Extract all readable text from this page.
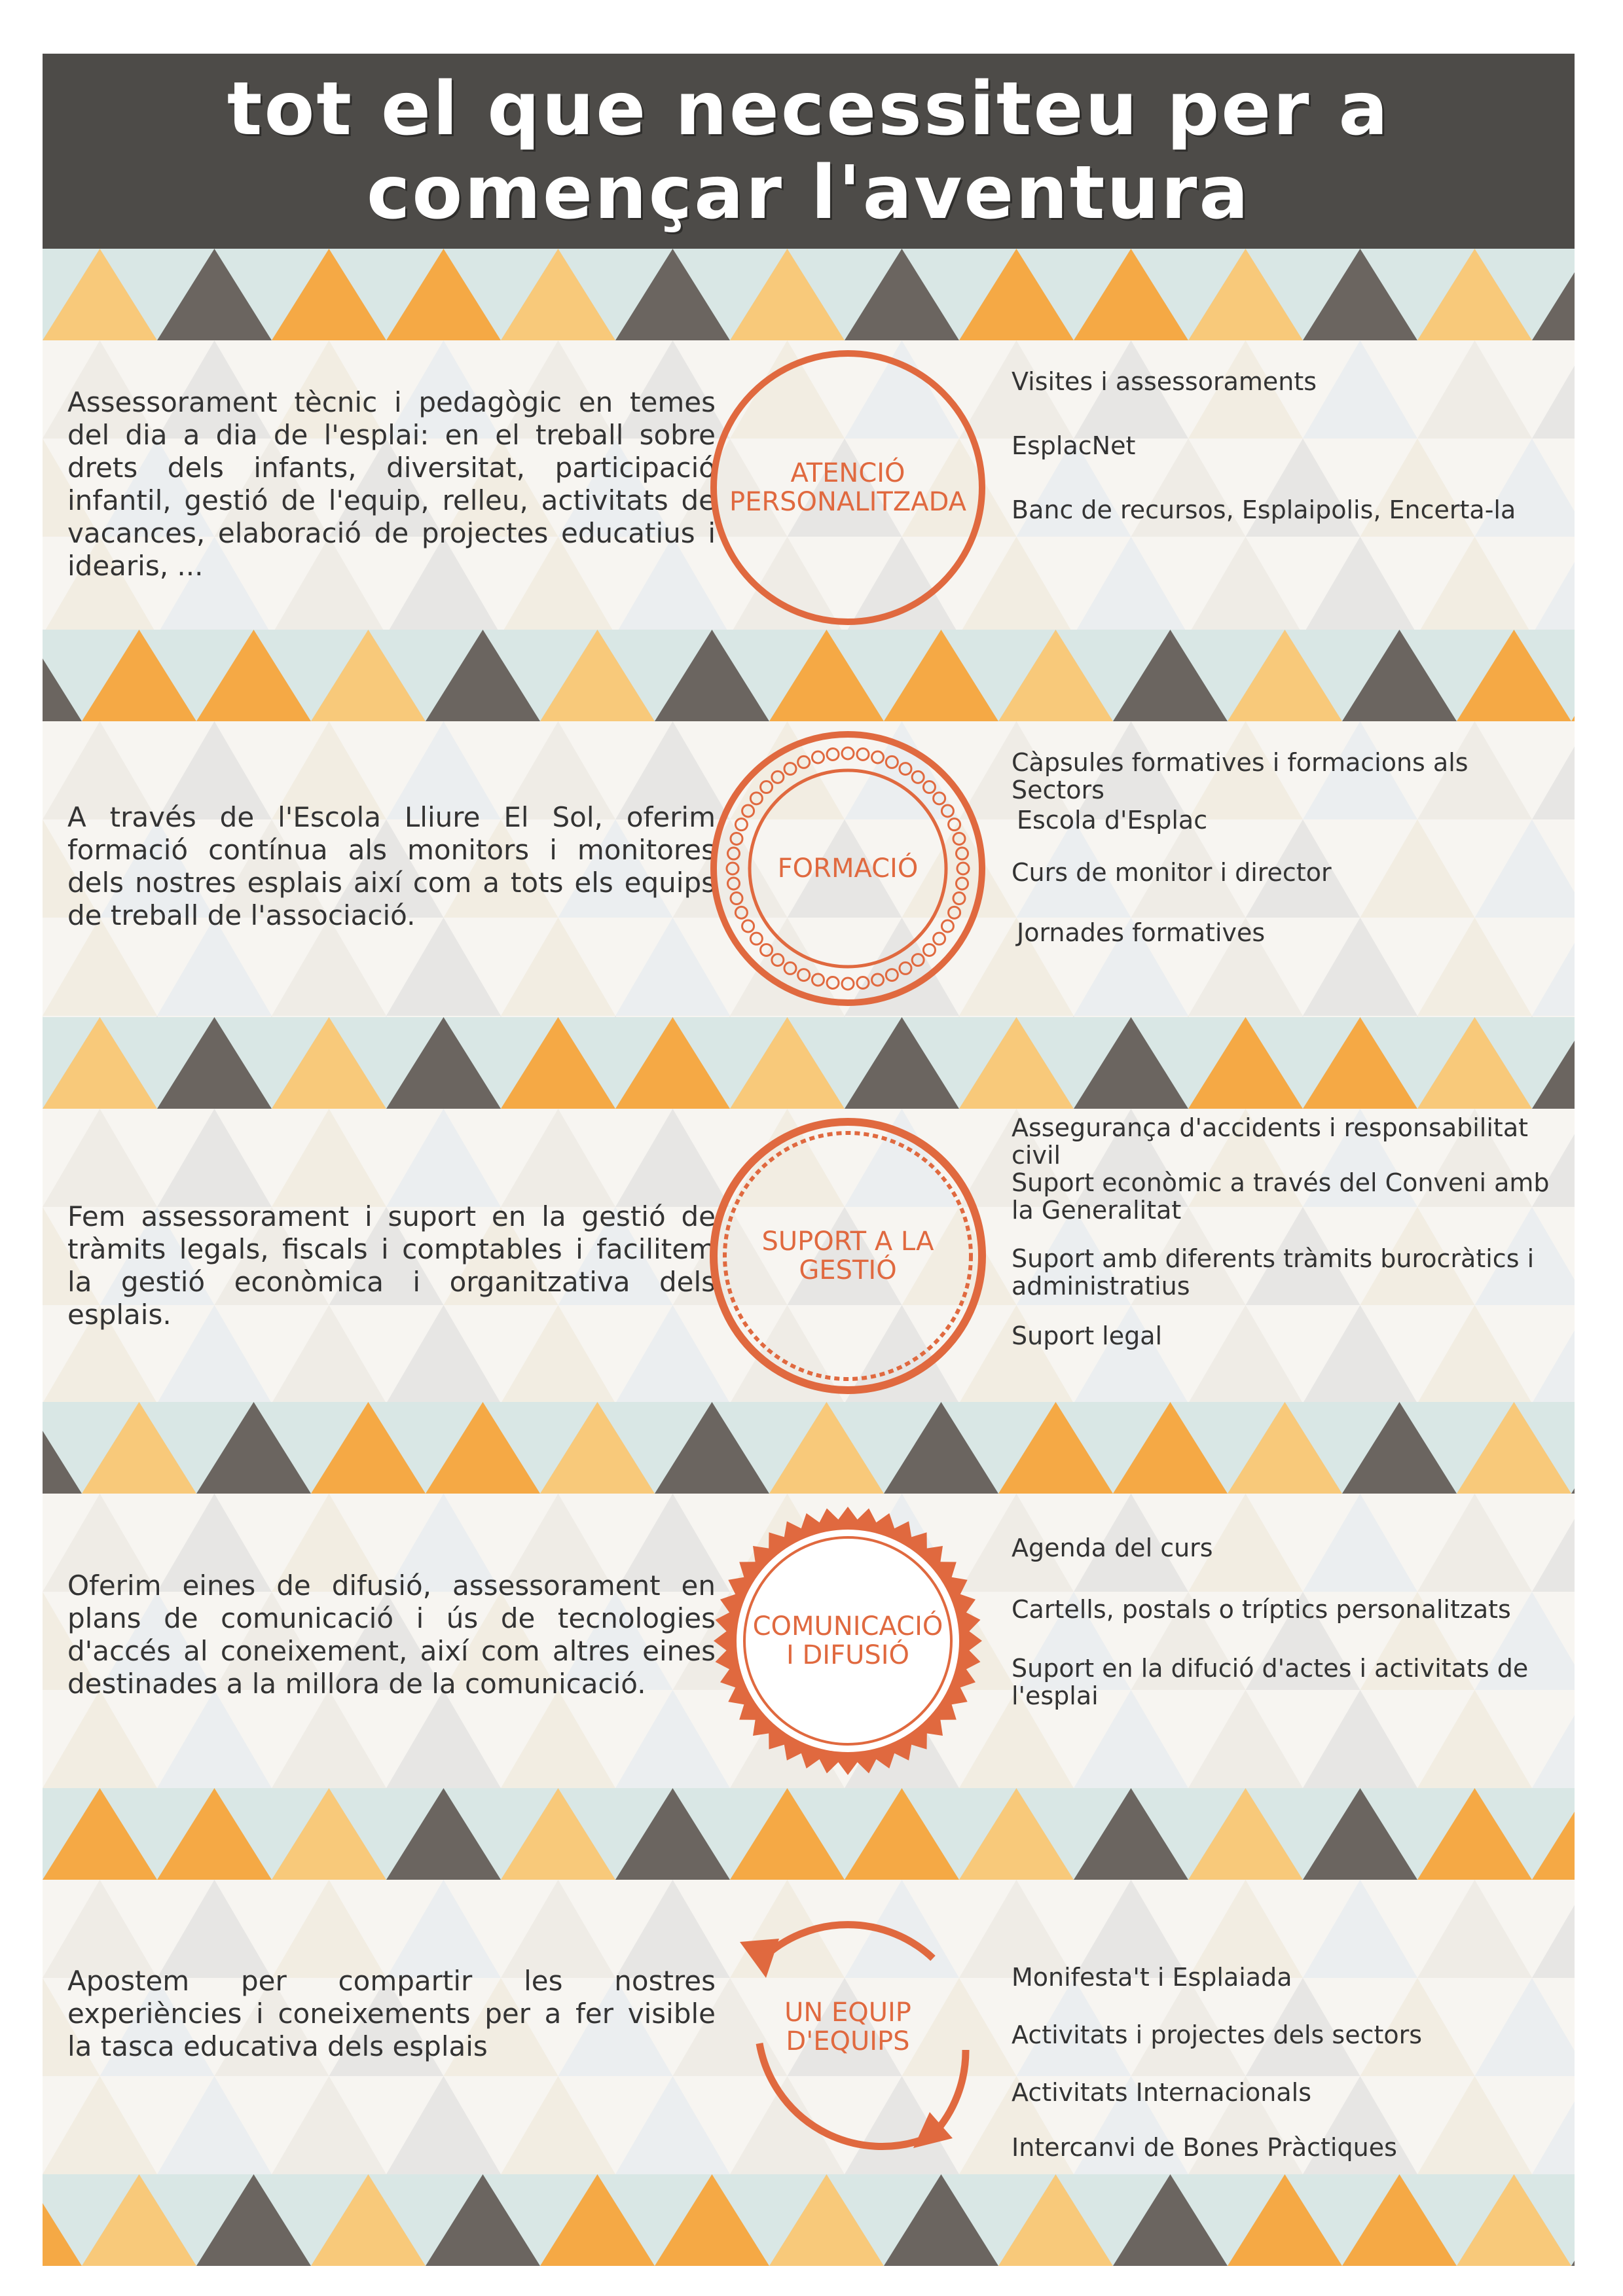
tot el que necessiteu per a
començar l'aventura

Assessorament tècnic i pedagògic en temes del dia a dia de l'esplai: en el treball sobre drets dels infants, diversitat, participació infantil, gestió de l'equip, relleu, activitats de vacances, elaboració de projectes educatius i idearis, ...

ATENCIÓ
PERSONALITZADA
Visites i assessoraments
EsplacNet
Banc de recursos, Esplaipolis, Encerta-la

A través de l'Escola Lliure El Sol, oferim formació contínua als monitors i monitores dels nostres esplais així com a tots els equips de treball de l'associació.

FORMACIÓ
Càpsules formatives i formacions als Sectors
Escola d'Esplac
Curs de monitor i director
Jornades formatives

Fem assessorament i suport en la gestió de tràmits legals, fiscals i comptables i facilitem la gestió econòmica i organitzativa dels esplais.

SUPORT A LA
GESTIÓ
Assegurança d'accidents i responsabilitat civil
Suport econòmic a través del Conveni amb la Generalitat
Suport amb diferents tràmits burocràtics i administratius
Suport legal

Oferim eines de difusió, assessorament en plans de comunicació i ús de tecnologies d'accés al coneixement, així com altres eines destinades a la millora de la comunicació.

COMUNICACIÓ
I DIFUSIÓ
Agenda del curs
Cartells, postals o tríptics personalitzats
Suport en la difució d'actes i activitats de l'esplai

Apostem per compartir les nostres experiències i coneixements per a fer visible la tasca educativa dels esplais

UN EQUIP
D'EQUIPS
Monifesta't i Esplaiada
Activitats i projectes dels sectors
Activitats Internacionals
Intercanvi de Bones Pràctiques
